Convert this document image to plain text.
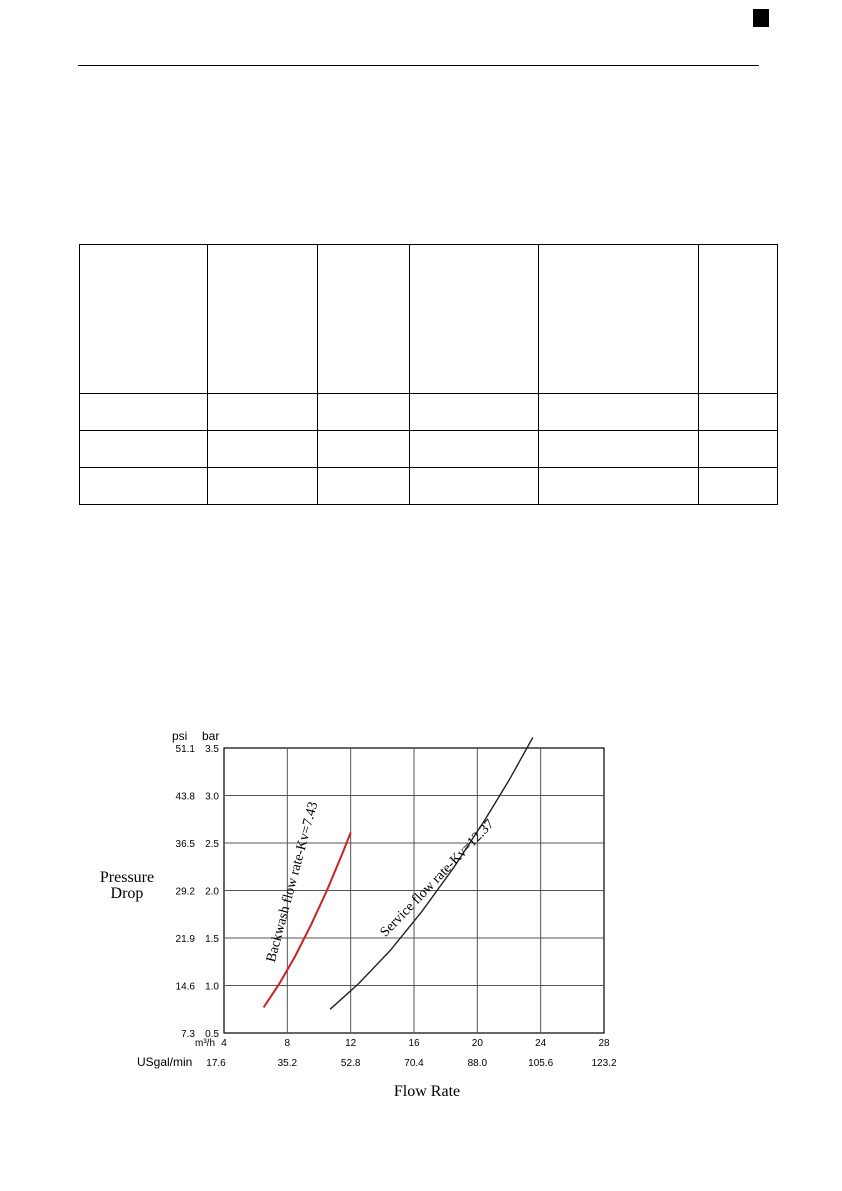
4
17.6
8
35.2
12
52.8
16
70.4
20
88.0
24
105.6
28
123.2
3.5
51.1
3.0
43.8
2.5
36.5
2.0
29.2
1.5
21.9
1.0
14.6
0.5
7.3
Pressure Drop	Backwash flow rate-Kv=7.43	Service flow rate-Kv=12.37
psi bar
m³/h
USgal/min
Flow Rate
